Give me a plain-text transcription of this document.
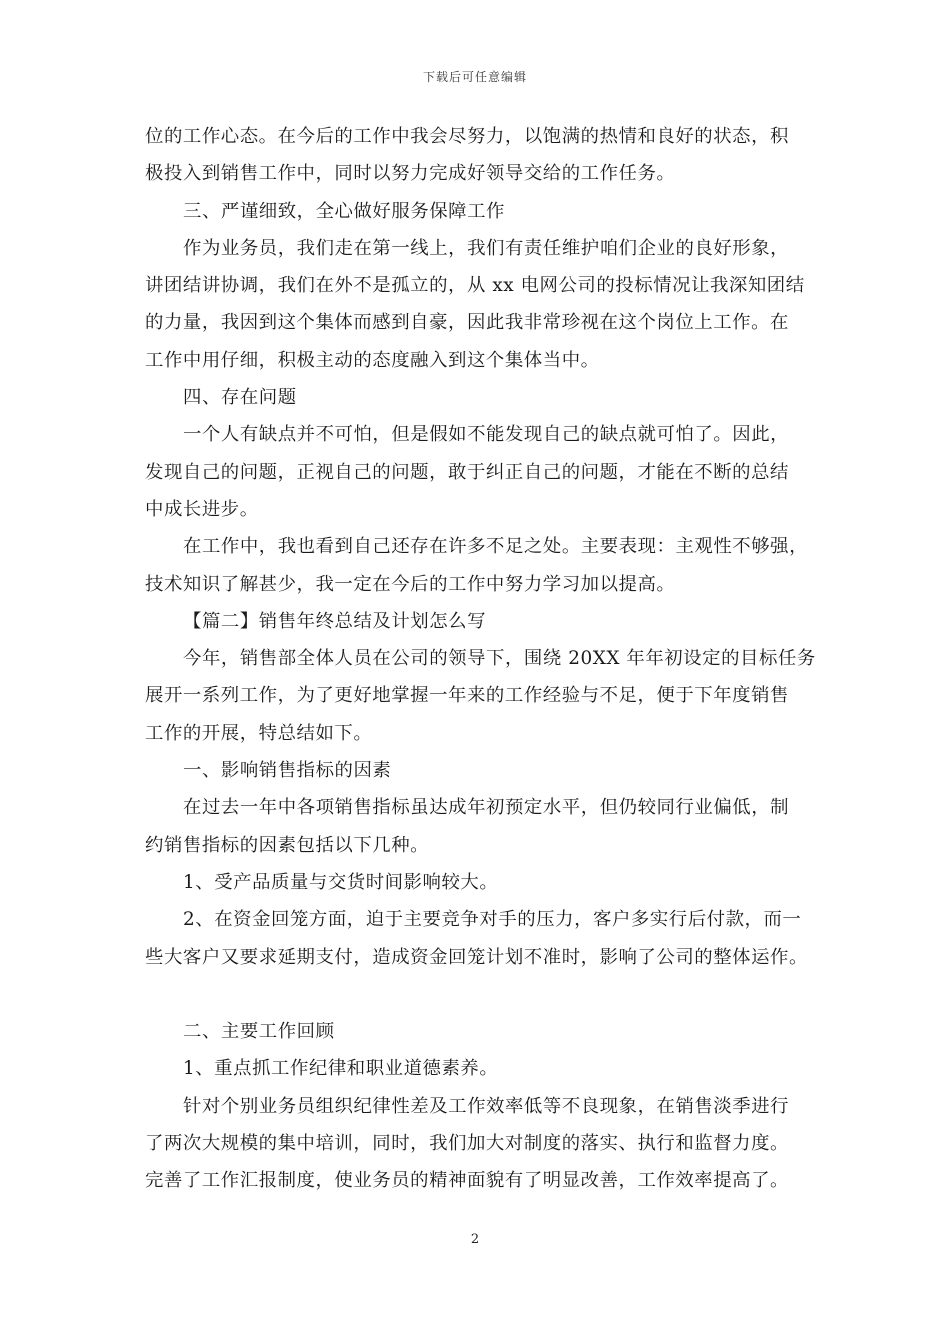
下载后可任意编辑
位的工作心态。在今后的工作中我会尽努力，以饱满的热情和良好的状态，积
极投入到销售工作中，同时以努力完成好领导交给的工作任务。
三、严谨细致，全心做好服务保障工作
作为业务员，我们走在第一线上，我们有责任维护咱们企业的良好形象，
讲团结讲协调，我们在外不是孤立的，从 xx 电网公司的投标情况让我深知团结
的力量，我因到这个集体而感到自豪，因此我非常珍视在这个岗位上工作。在
工作中用仔细，积极主动的态度融入到这个集体当中。
四、存在问题
一个人有缺点并不可怕，但是假如不能发现自己的缺点就可怕了。因此，
发现自己的问题，正视自己的问题，敢于纠正自己的问题，才能在不断的总结
中成长进步。
在工作中，我也看到自己还存在许多不足之处。主要表现：主观性不够强，
技术知识了解甚少，我一定在今后的工作中努力学习加以提高。
【篇二】销售年终总结及计划怎么写
今年，销售部全体人员在公司的领导下，围绕 20XX 年年初设定的目标任务
展开一系列工作，为了更好地掌握一年来的工作经验与不足，便于下年度销售
工作的开展，特总结如下。
一、影响销售指标的因素
在过去一年中各项销售指标虽达成年初预定水平，但仍较同行业偏低，制
约销售指标的因素包括以下几种。
1、受产品质量与交货时间影响较大。
2、在资金回笼方面，迫于主要竞争对手的压力，客户多实行后付款，而一
些大客户又要求延期支付，造成资金回笼计划不准时，影响了公司的整体运作。
二、主要工作回顾
1、重点抓工作纪律和职业道德素养。
针对个别业务员组织纪律性差及工作效率低等不良现象，在销售淡季进行
了两次大规模的集中培训，同时，我们加大对制度的落实、执行和监督力度。
完善了工作汇报制度，使业务员的精神面貌有了明显改善，工作效率提高了。
2
